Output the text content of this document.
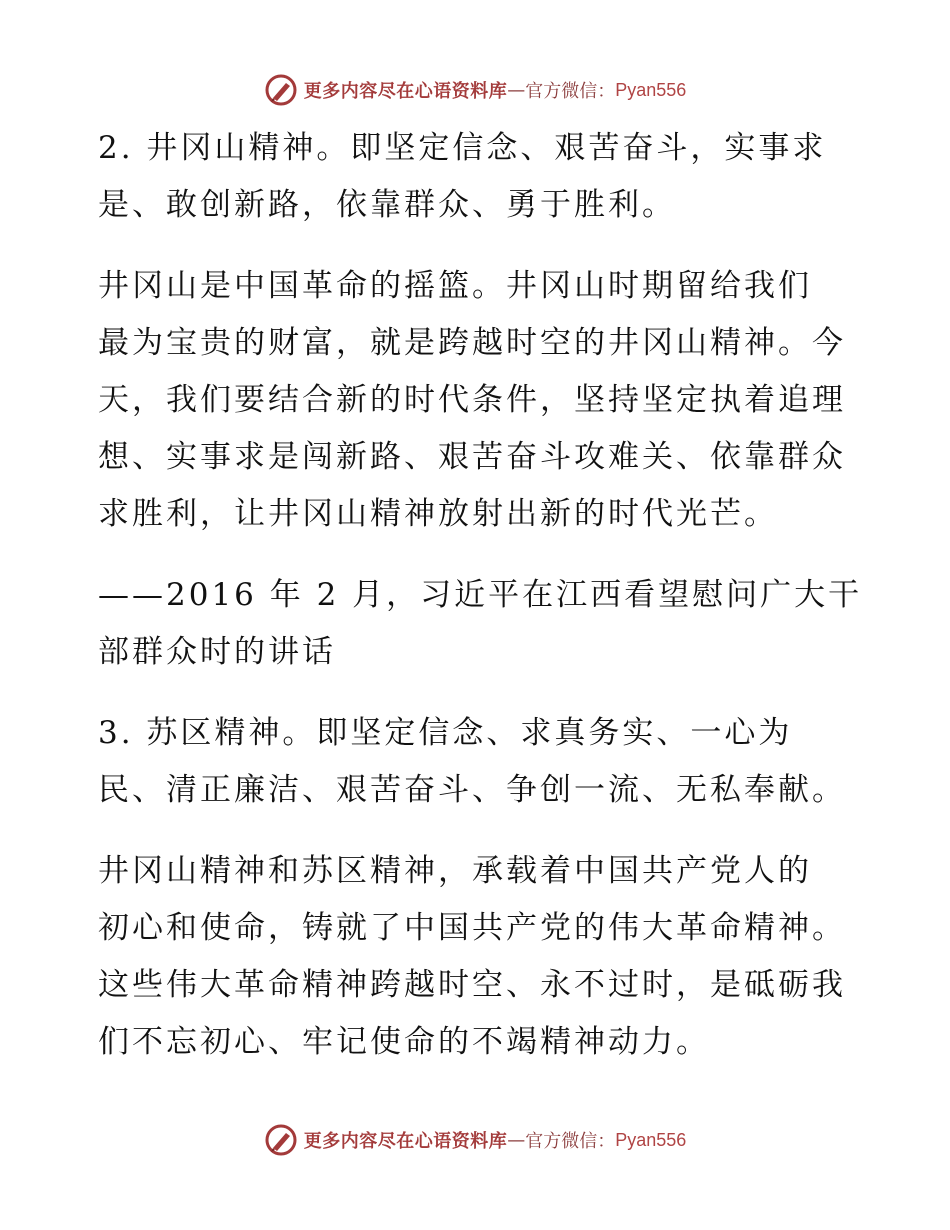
更多内容尽在心语资料库 — 官方微信： Pyan556
2. 井冈山精神。即坚定信念、艰苦奋斗，实事求
是、敢创新路，依靠群众、勇于胜利。
井冈山是中国革命的摇篮。井冈山时期留给我们
最为宝贵的财富，就是跨越时空的井冈山精神。今
天，我们要结合新的时代条件，坚持坚定执着追理
想、实事求是闯新路、艰苦奋斗攻难关、依靠群众
求胜利，让井冈山精神放射出新的时代光芒。
——2016 年 2 月，习近平在江西看望慰问广大干
部群众时的讲话
3. 苏区精神。即坚定信念、求真务实、一心为
民、清正廉洁、艰苦奋斗、争创一流、无私奉献。
井冈山精神和苏区精神，承载着中国共产党人的
初心和使命，铸就了中国共产党的伟大革命精神。
这些伟大革命精神跨越时空、永不过时，是砥砺我
们不忘初心、牢记使命的不竭精神动力。
更多内容尽在心语资料库 — 官方微信： Pyan556
